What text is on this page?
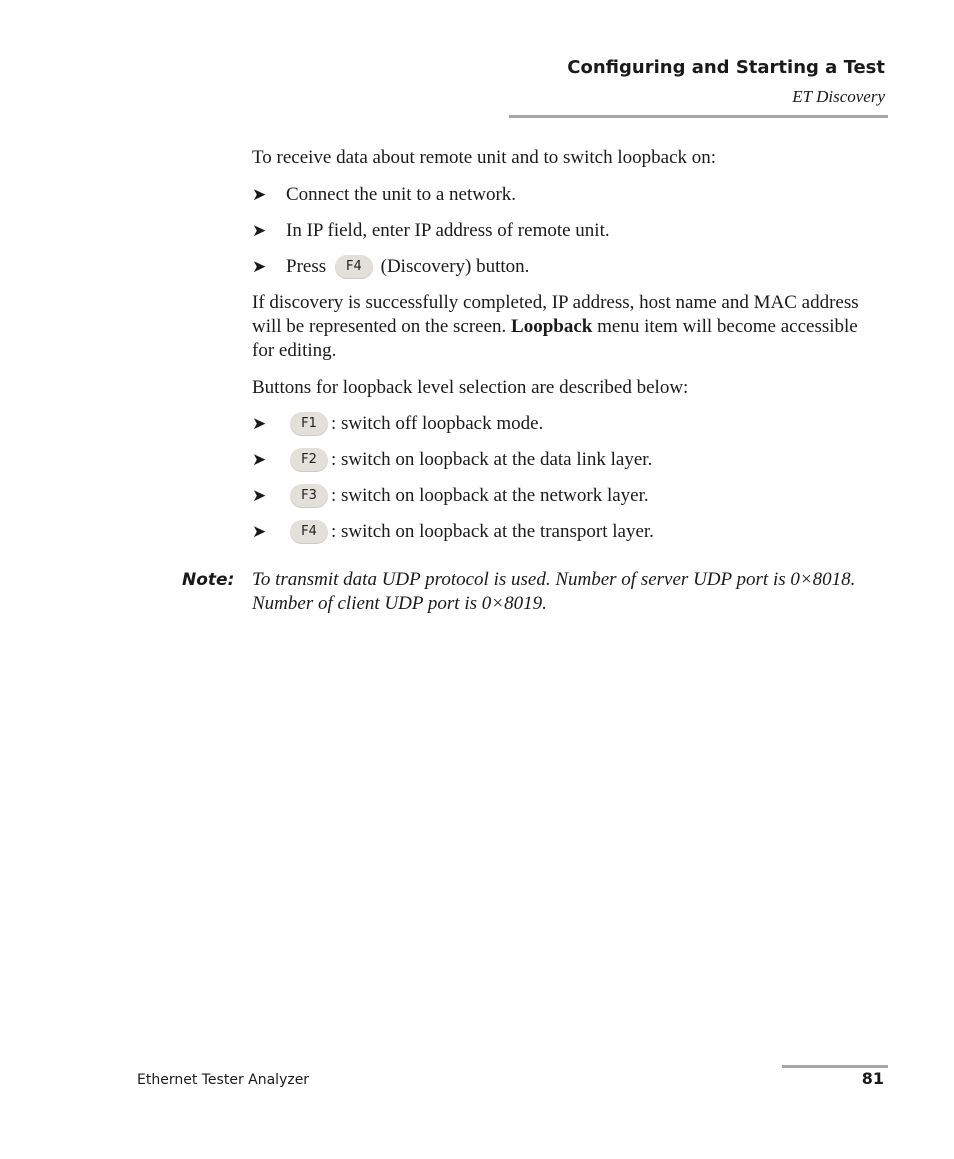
Configuring and Starting a Test
ET Discovery
To receive data about remote unit and to switch loopback on:
➤	Connect the unit to a network.
➤	In IP field, enter IP address of remote unit.
➤	Press F4 (Discovery) button.
If discovery is successfully completed, IP address, host name and MAC address will be represented on the screen. Loopback menu item will become accessible for editing.
Buttons for loopback level selection are described below:
➤	F1 : switch off loopback mode.
➤	F2 : switch on loopback at the data link layer.
➤	F3 : switch on loopback at the network layer.
➤	F4 : switch on loopback at the transport layer.
Note: To transmit data UDP protocol is used. Number of server UDP port is 0×8018. Number of client UDP port is 0×8019.
Ethernet Tester Analyzer	81
